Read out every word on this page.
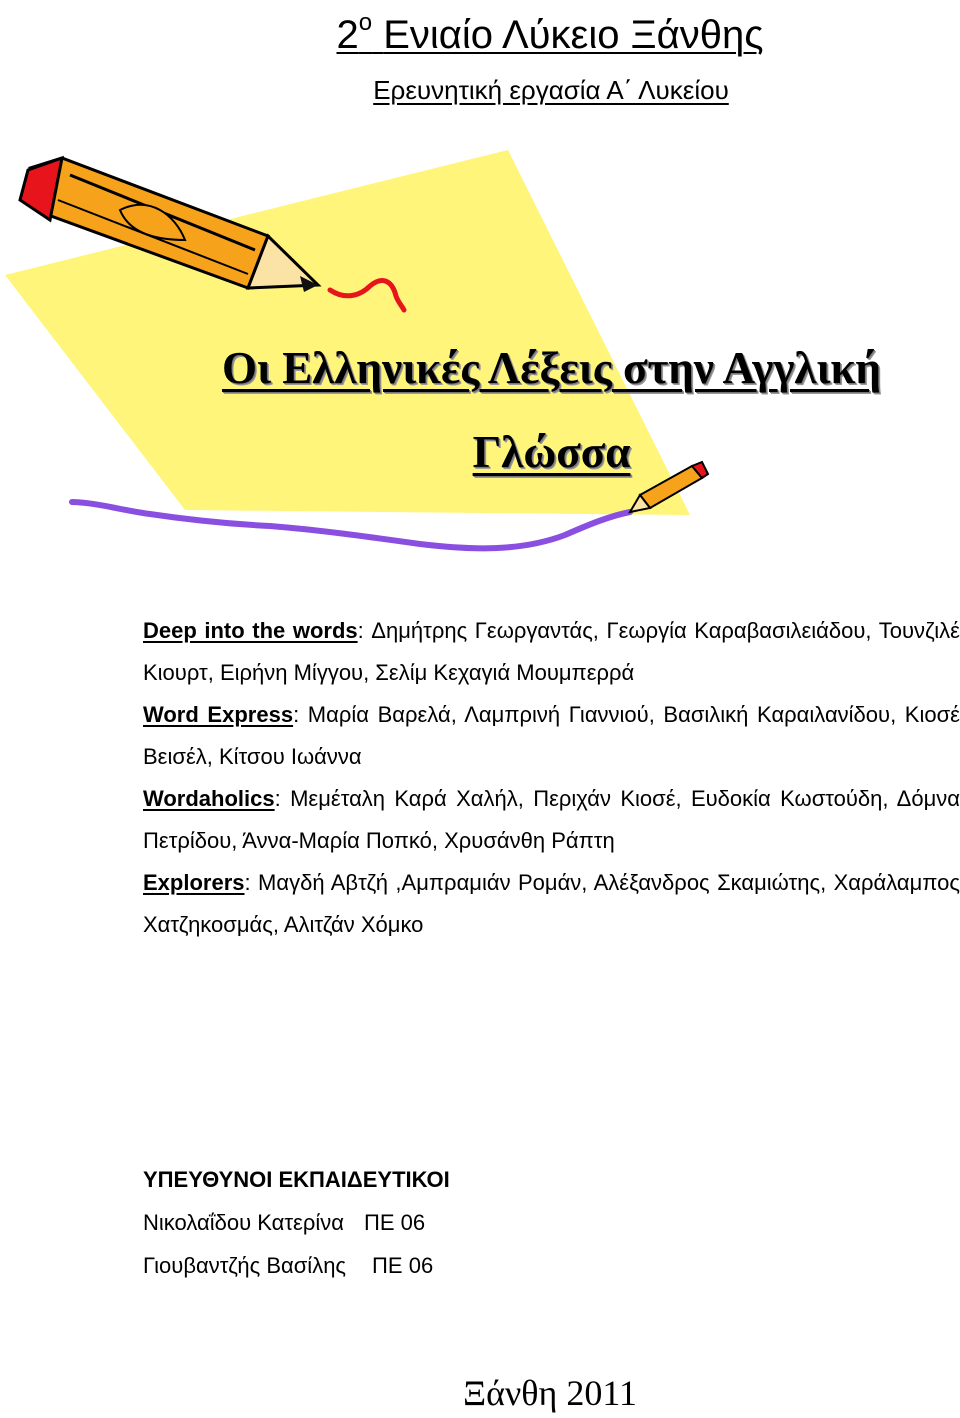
$2^o$ Ενιαίο Λύκειο Ξάνθης
Ερευνητική εργασία Α΄ Λυκείου
Οι Ελληνικές Λέξεις στην Αγγλική
Γλώσσα
Deep into the words: Δημήτρης Γεωργαντάς, Γεωργία Καραβασιλειάδου, Τουνζιλέ Κιουρτ, Ειρήνη Μίγγου, Σελίμ Κεχαγιά Μουμπερρά
Word Express: Μαρία Βαρελά, Λαμπρινή Γιαννιού, Βασιλική Καραιλανίδου, Κιοσέ Βεισέλ, Κίτσου Ιωάννα
Wordaholics: Μεμέταλη Καρά Χαλήλ, Περιχάν Κιοσέ, Ευδοκία Κωστούδη, Δόμνα Πετρίδου, Άννα-Μαρία Ποπκό, Χρυσάνθη Ράπτη
Explorers: Μαγδή Αβτζή ,Αμπραμιάν Ρομάν, Αλέξανδρος Σκαμιώτης, Χαράλαμπος Χατζηκοσμάς, Αλιτζάν Χόμκο
ΥΠΕΥΘΥΝΟΙ ΕΚΠΑΙΔΕΥΤΙΚΟΙ
Νικολαΐδου Κατερίνα ΠΕ 06
Γιουβαντζής Βασίλης ΠΕ 06
Ξάνθη 2011
